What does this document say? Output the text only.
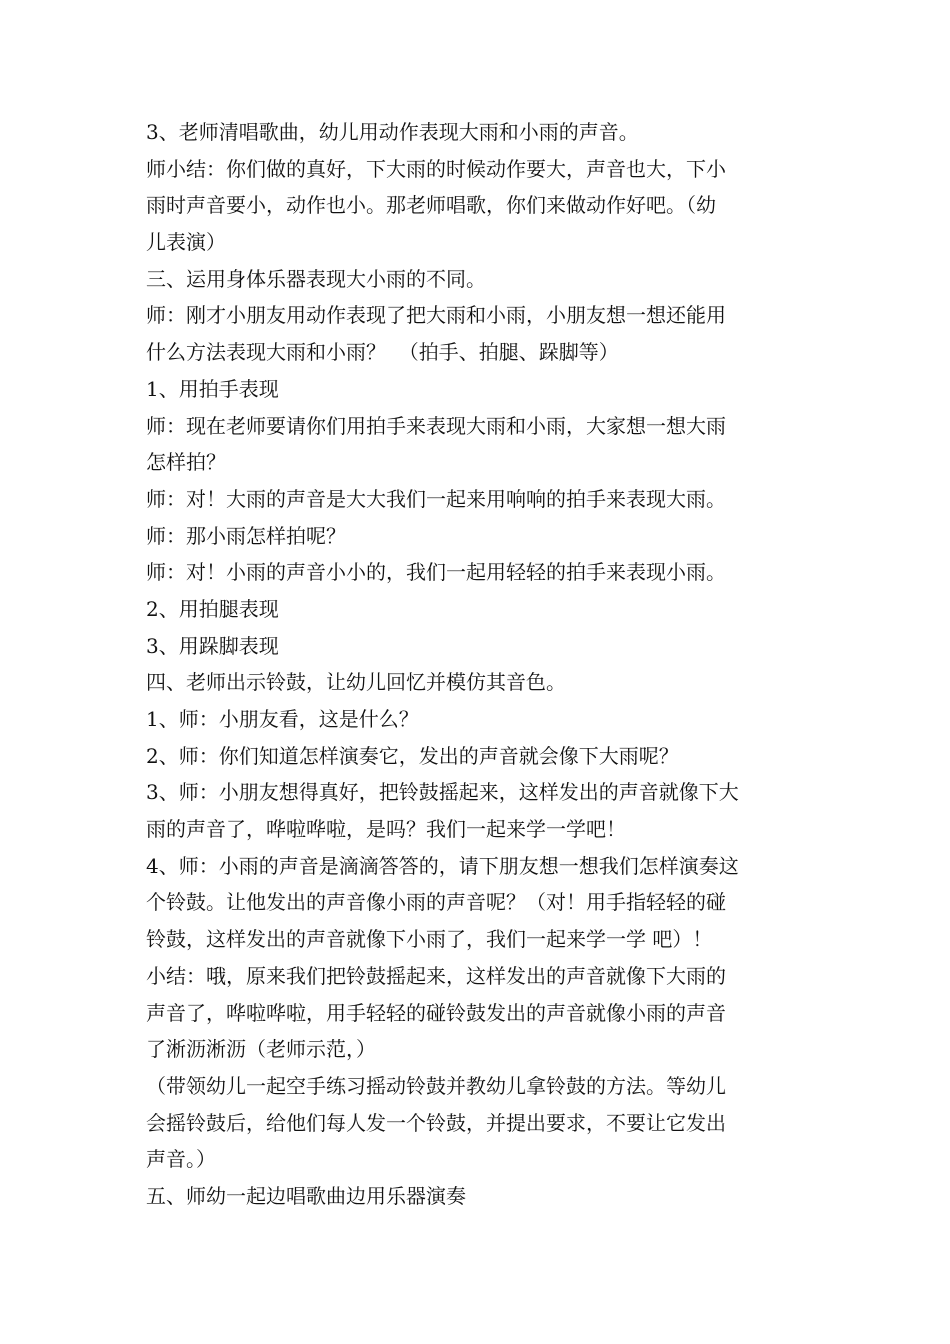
3、老师清唱歌曲，幼儿用动作表现大雨和小雨的声音。
师小结：你们做的真好，下大雨的时候动作要大，声音也大，下小
雨时声音要小，动作也小。那老师唱歌，你们来做动作好吧。（幼
儿表演）
三、运用身体乐器表现大小雨的不同。
师：刚才小朋友用动作表现了把大雨和小雨，小朋友想一想还能用
什么方法表现大雨和小雨？  （拍手、拍腿、跺脚等）
1、用拍手表现
师：现在老师要请你们用拍手来表现大雨和小雨，大家想一想大雨
怎样拍？
师：对！大雨的声音是大大我们一起来用响响的拍手来表现大雨。
师：那小雨怎样拍呢？
师：对！小雨的声音小小的，我们一起用轻轻的拍手来表现小雨。
2、用拍腿表现
3、用跺脚表现
四、老师出示铃鼓，让幼儿回忆并模仿其音色。
1、师：小朋友看，这是什么？
2、师：你们知道怎样演奏它，发出的声音就会像下大雨呢？
3、师：小朋友想得真好，把铃鼓摇起来，这样发出的声音就像下大
雨的声音了，哗啦哗啦，是吗？我们一起来学一学吧！
4、师：小雨的声音是滴滴答答的，请下朋友想一想我们怎样演奏这
个铃鼓。让他发出的声音像小雨的声音呢？（对！用手指轻轻的碰
铃鼓，这样发出的声音就像下小雨了，我们一起来学一学 吧）！
小结：哦，原来我们把铃鼓摇起来，这样发出的声音就像下大雨的
声音了，哗啦哗啦，用手轻轻的碰铃鼓发出的声音就像小雨的声音
了淅沥淅沥（老师示范，）
（带领幼儿一起空手练习摇动铃鼓并教幼儿拿铃鼓的方法。等幼儿
会摇铃鼓后，给他们每人发一个铃鼓，并提出要求，不要让它发出
声音。）
五、师幼一起边唱歌曲边用乐器演奏
